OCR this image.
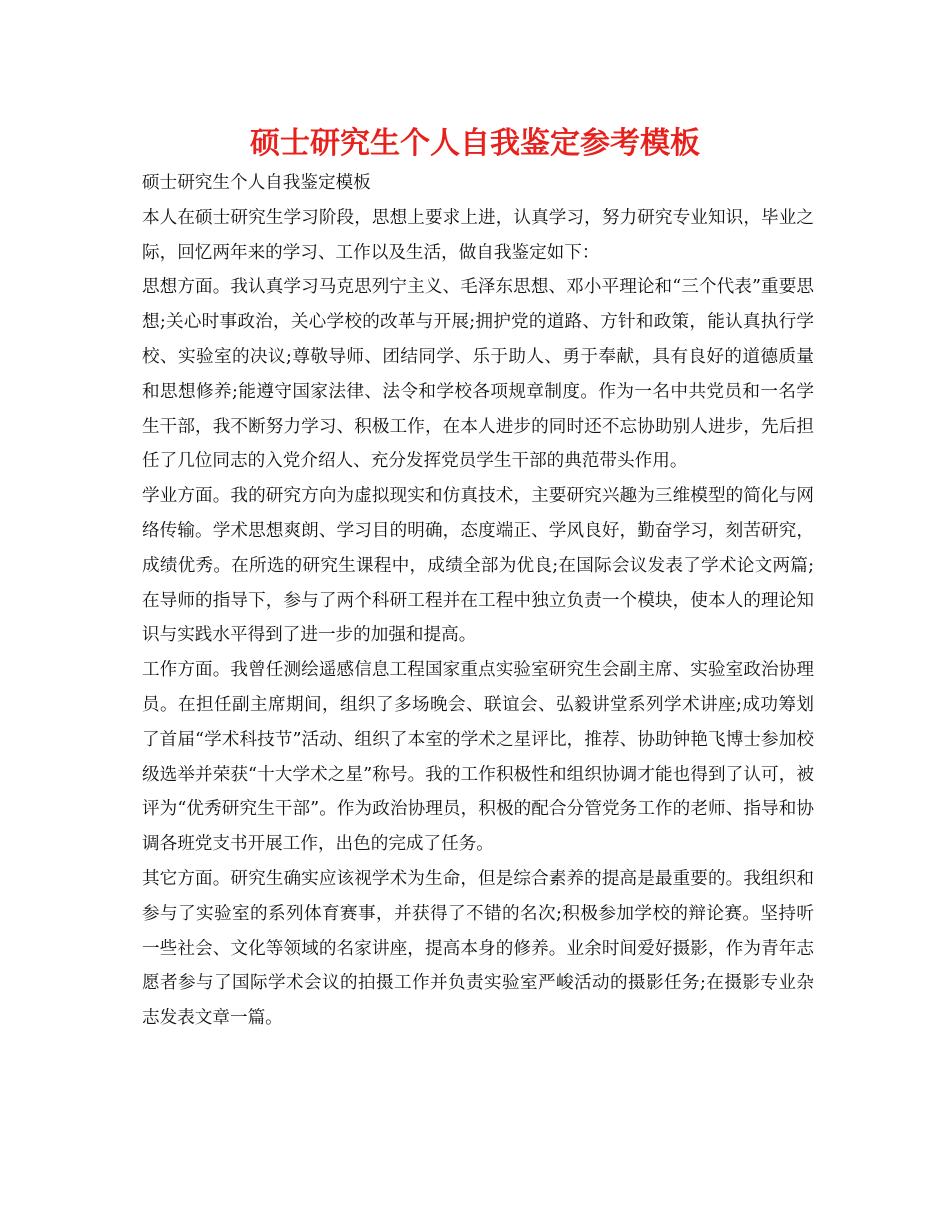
硕士研究生个人自我鉴定参考模板

硕士研究生个人自我鉴定模板

本人在硕士研究生学习阶段，思想上要求上进，认真学习，努力研究专业知识，毕业之际，回忆两年来的学习、工作以及生活，做自我鉴定如下：

思想方面。我认真学习马克思列宁主义、毛泽东思想、邓小平理论和“三个代表”重要思想;关心时事政治，关心学校的改革与开展;拥护党的道路、方针和政策，能认真执行学校、实验室的决议;尊敬导师、团结同学、乐于助人、勇于奉献，具有良好的道德质量和思想修养;能遵守国家法律、法令和学校各项规章制度。作为一名中共党员和一名学生干部，我不断努力学习、积极工作，在本人进步的同时还不忘协助别人进步，先后担任了几位同志的入党介绍人、充分发挥党员学生干部的典范带头作用。

学业方面。我的研究方向为虚拟现实和仿真技术，主要研究兴趣为三维模型的简化与网络传输。学术思想爽朗、学习目的明确，态度端正、学风良好，勤奋学习，刻苦研究，成绩优秀。在所选的研究生课程中，成绩全部为优良;在国际会议发表了学术论文两篇;在导师的指导下，参与了两个科研工程并在工程中独立负责一个模块，使本人的理论知识与实践水平得到了进一步的加强和提高。

工作方面。我曾任测绘遥感信息工程国家重点实验室研究生会副主席、实验室政治协理员。在担任副主席期间，组织了多场晚会、联谊会、弘毅讲堂系列学术讲座;成功筹划了首届“学术科技节”活动、组织了本室的学术之星评比，推荐、协助钟艳飞博士参加校级选举并荣获“十大学术之星”称号。我的工作积极性和组织协调才能也得到了认可，被评为“优秀研究生干部”。作为政治协理员，积极的配合分管党务工作的老师、指导和协调各班党支书开展工作，出色的完成了任务。

其它方面。研究生确实应该视学术为生命，但是综合素养的提高是最重要的。我组织和参与了实验室的系列体育赛事，并获得了不错的名次;积极参加学校的辩论赛。坚持听一些社会、文化等领域的名家讲座，提高本身的修养。业余时间爱好摄影，作为青年志愿者参与了国际学术会议的拍摄工作并负责实验室严峻活动的摄影任务;在摄影专业杂志发表文章一篇。
